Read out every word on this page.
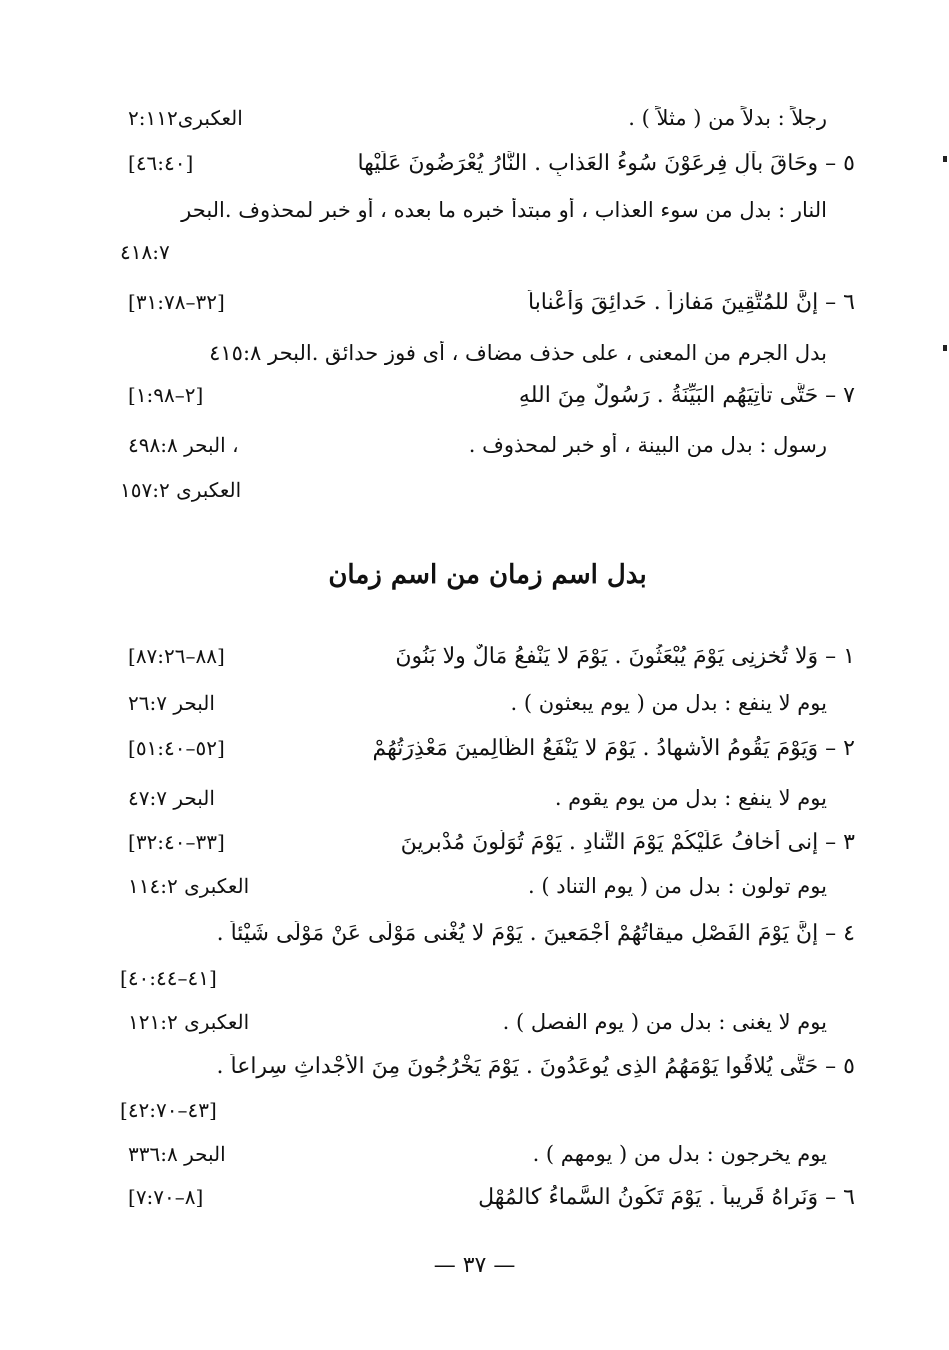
رجلاً : بدلاً من ( مثلاً ) .
العكبرى٢:١١٢
٥ – وحَاقَ بآلِ فِرعَوْنَ سُوءُ العَذابِ . النَّارُ يُعْرَضُونَ عَلَيْها
[٤٦:٤٠]
النار : بدل من سوء العذاب ، أو مبتدأ خبره ما بعده ، أو خبر لمحذوف .البحر
٤١٨:٧
٦ – إنَّ للمُتَّقِينَ مَفازاً . حَدائِقَ وَأَعْناباً
[٣٢–٣١:٧٨]
بدل الجرم من المعنى ، على حذف مضاف ، أى فوز حدائق .البحر ٤١٥:٨
٧ – حَتَّى تأْتِيَهُم البَيِّنَةُ . رَسُولٌ مِنَ اللهِ
[٢–١:٩٨]
رسول : بدل من البينة ، أو خبر لمحذوف .
البحر ٤٩٨:٨ ،
العكبرى ١٥٧:٢
بدل اسم زمان من اسم زمان
١ – وَلا تُخزِنِى يَوْمَ يُبْعَثُونَ . يَوْمَ لا يَنْفعُ مَالٌ ولا بَنُونَ
[٨٨–٨٧:٢٦]
يوم لا ينفع : بدل من ( يوم يبعثون ) .
البحر ٢٦:٧
٢ – وَيَوْمَ يَقُومُ الأشهادُ . يَوْمَ لا يَنْفَعُ الظَّالِمينَ مَعْذِرَتُهُمْ
[٥٢–٥١:٤٠]
يوم لا ينفع : بدل من يوم يقوم .
البحر ٤٧:٧
٣ – إنى أخافُ عَلَيْكُمْ يَوْمَ التَّنادِ . يَوْمَ تُوَلُّونَ مُدْبرينَ
[٣٣–٣٢:٤٠]
يوم تولون : بدل من ( يوم التناد ) .
العكبرى ١١٤:٢
٤ – إنَّ يَوْمَ الفَصْلِ ميقاتُهُمْ أَجْمَعينَ . يَوْمَ لا يُغْنى مَوْلًى عَنْ مَوْلًى شَيْئاً .
[٤١–٤٠:٤٤]
يوم لا يغنى : بدل من ( يوم الفصل ) .
العكبرى ١٢١:٢
٥ – حَتَّى يُلاقُوا يَوْمَهُمُ الذِى يُوعَدُونَ . يَوْمَ يَخْرُجُونَ مِنَ الأَجْداثِ سِراعاً .
[٤٣–٤٢:٧٠]
يوم يخرجون : بدل من ( يومهم ) .
البحر ٣٣٦:٨
٦ – وَنَراهُ قَرِيباً . يَوْمَ تَكُونُ السَّماءُ كالمُهْلِ
[٨–٧:٧٠]
— ٣٧ —
